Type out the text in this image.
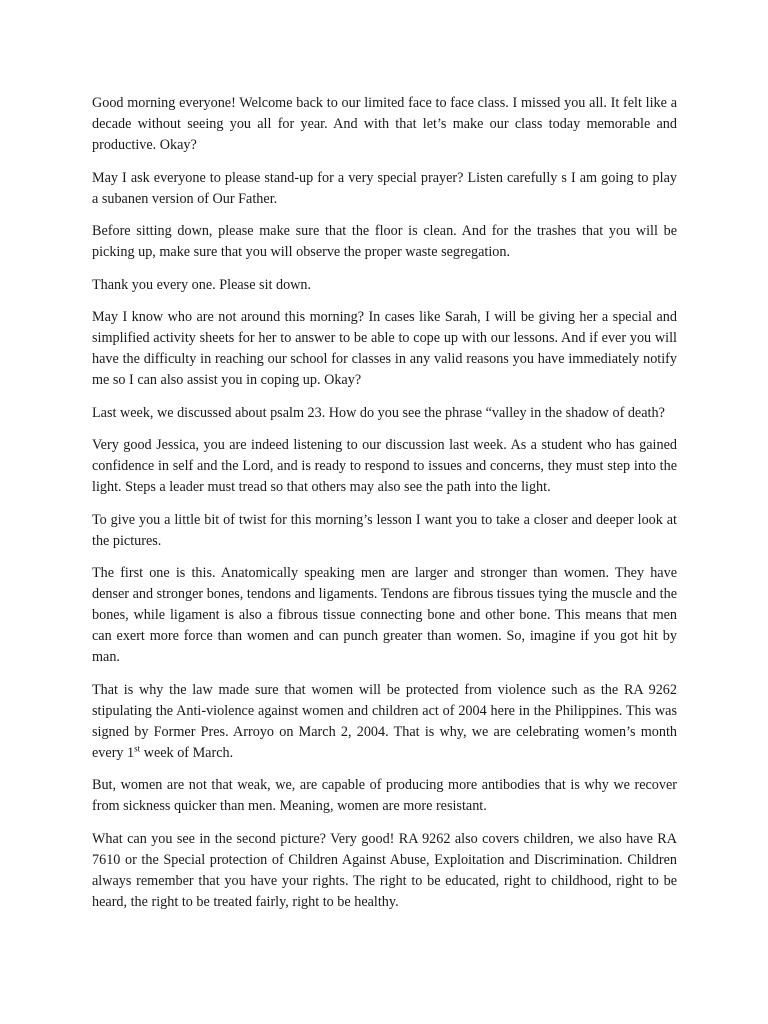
Good morning everyone! Welcome back to our limited face to face class. I missed you all. It felt like a decade without seeing you all for year. And with that let’s make our class today memorable and productive. Okay?

May I ask everyone to please stand-up for a very special prayer? Listen carefully s I am going to play a subanen version of Our Father.

Before sitting down, please make sure that the floor is clean. And for the trashes that you will be picking up, make sure that you will observe the proper waste segregation.

Thank you every one. Please sit down.

May I know who are not around this morning? In cases like Sarah, I will be giving her a special and simplified activity sheets for her to answer to be able to cope up with our lessons. And if ever you will have the difficulty in reaching our school for classes in any valid reasons you have immediately notify me so I can also assist you in coping up. Okay?

Last week, we discussed about psalm 23. How do you see the phrase “valley in the shadow of death?

Very good Jessica, you are indeed listening to our discussion last week. As a student who has gained confidence in self and the Lord, and is ready to respond to issues and concerns, they must step into the light. Steps a leader must tread so that others may also see the path into the light.

To give you a little bit of twist for this morning’s lesson I want you to take a closer and deeper look at the pictures.

The first one is this. Anatomically speaking men are larger and stronger than women. They have denser and stronger bones, tendons and ligaments. Tendons are fibrous tissues tying the muscle and the bones, while ligament is also a fibrous tissue connecting bone and other bone. This means that men can exert more force than women and can punch greater than women. So, imagine if you got hit by man.

That is why the law made sure that women will be protected from violence such as the RA 9262 stipulating the Anti-violence against women and children act of 2004 here in the Philippines. This was signed by Former Pres. Arroyo on March 2, 2004. That is why, we are celebrating women’s month every 1st week of March.

But, women are not that weak, we, are capable of producing more antibodies that is why we recover from sickness quicker than men. Meaning, women are more resistant.

What can you see in the second picture? Very good! RA 9262 also covers children, we also have RA 7610 or the Special protection of Children Against Abuse, Exploitation and Discrimination. Children always remember that you have your rights. The right to be educated, right to childhood, right to be heard, the right to be treated fairly, right to be healthy.
